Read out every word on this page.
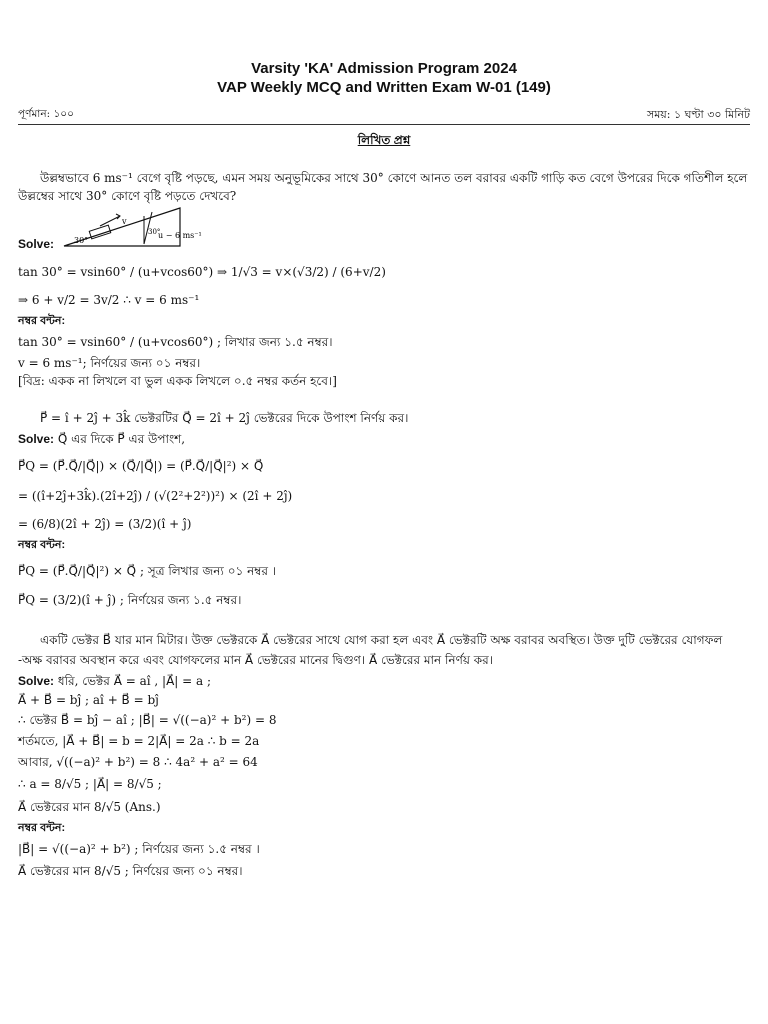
Varsity 'KA' Admission Program 2024
VAP Weekly MCQ and Written Exam W-01 (149)
পূর্ণমান: ১০০	সময়: ১ ঘণ্টা ৩০ মিনিট
লিখিত প্রশ্ন
উল্লম্বভাবে 6 ms⁻¹ বেগে বৃষ্টি পড়ছে, এমন সময় অনুভূমিকের সাথে 30° কোণে আনত তল বরাবর একটি গাড়ি কত বেগে উপরের দিকে গতিশীল হলে
উল্লম্বের সাথে 30° কোণে বৃষ্টি পড়তে দেখবে?
v
30°
30°
u − 6 ms⁻¹
Solve:
tan 30° = vsin60° / (u+vcos60°) ⇒ 1/√3 = v×(√3/2) / (6+v/2)
⇒ 6 + v/2 = 3v/2 ∴ v = 6 ms⁻¹
নম্বর বন্টন:
tan 30° = vsin60° / (u+vcos60°) ; লিখার জন্য ১.৫ নম্বর।
v = 6 ms⁻¹; নির্ণয়ের জন্য ০১ নম্বর।
[বিদ্র: একক না লিখলে বা ভুল একক লিখলে ০.৫ নম্বর কর্তন হবে।]
P⃗ = î + 2ĵ + 3k̂ ভেক্টরটির Q⃗ = 2î + 2ĵ ভেক্টরের দিকে উপাংশ নির্ণয় কর।
Solve: Q⃗ এর দিকে P⃗ এর উপাংশ,
P⃗Q = (P⃗.Q⃗/|Q⃗|) × (Q⃗/|Q⃗|) = (P⃗.Q⃗/|Q⃗|²) × Q⃗
= ((î+2ĵ+3k̂).(2î+2ĵ) / (√(2²+2²))²) × (2î + 2ĵ)
= (6/8)(2î + 2ĵ) = (3/2)(î + ĵ)
নম্বর বন্টন:
P⃗Q = (P⃗.Q⃗/|Q⃗|²) × Q⃗ ; সূত্র লিখার জন্য ০১ নম্বর ।
P⃗Q = (3/2)(î + ĵ) ; নির্ণয়ের জন্য ১.৫ নম্বর।
একটি ভেক্টর B⃗ যার মান মিটার। উক্ত ভেক্টরকে A⃗ ভেক্টরের সাথে যোগ করা হল এবং A⃗ ভেক্টরটি অক্ষ বরাবর অবস্থিত। উক্ত দুটি ভেক্টরের যোগফল
-অক্ষ বরাবর অবস্থান করে এবং যোগফলের মান A⃗ ভেক্টরের মানের দ্বিগুণ। A⃗ ভেক্টরের মান নির্ণয় কর।
Solve: ধরি, ভেক্টর A⃗ = aî , |A⃗| = a ;
A⃗ + B⃗ = bĵ ; aî + B⃗ = bĵ
∴ ভেক্টর B⃗ = bĵ − aî ; |B⃗| = √((−a)² + b²) = 8
শর্তমতে, |A⃗ + B⃗| = b = 2|A⃗| = 2a ∴ b = 2a
আবার, √((−a)² + b²) = 8 ∴ 4a² + a² = 64
∴ a = 8/√5 ; |A⃗| = 8/√5 ;
A⃗ ভেক্টরের মান 8/√5 (Ans.)
নম্বর বন্টন:
|B⃗| = √((−a)² + b²) ; নির্ণয়ের জন্য ১.৫ নম্বর ।
A⃗ ভেক্টরের মান 8/√5 ; নির্ণয়ের জন্য ০১ নম্বর।
